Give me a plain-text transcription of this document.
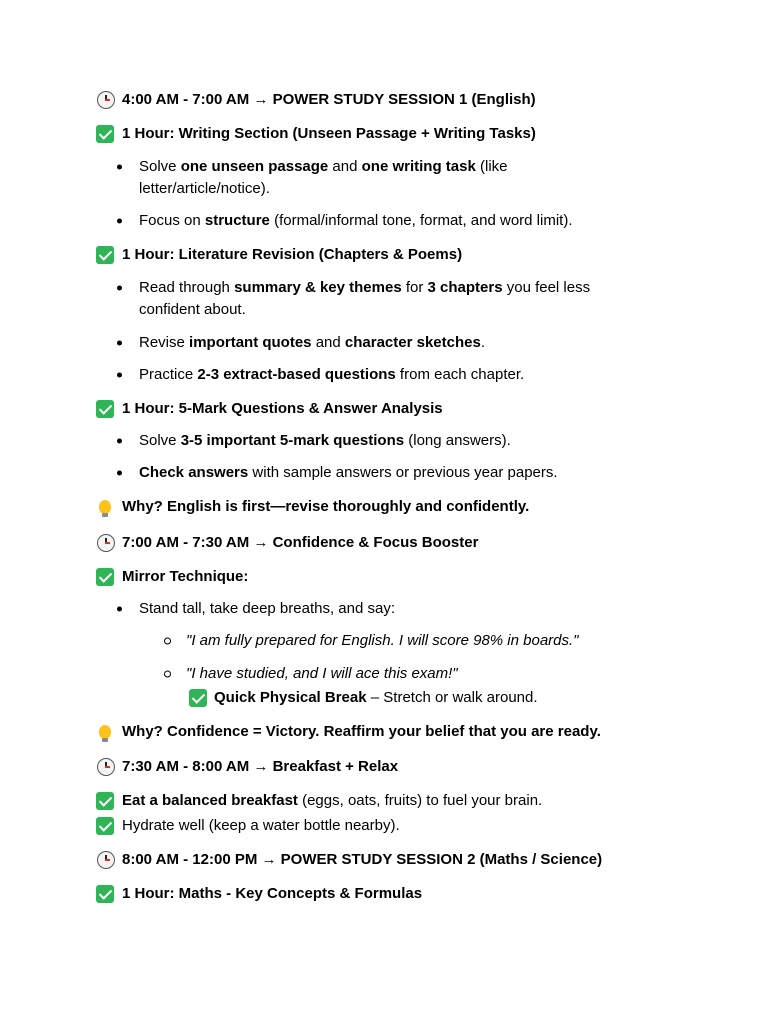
4:00 AM - 7:00 AM → POWER STUDY SESSION 1 (English)
1 Hour: Writing Section (Unseen Passage + Writing Tasks)
Solve one unseen passage and one writing task (like
letter/article/notice).
Focus on structure (formal/informal tone, format, and word limit).
1 Hour: Literature Revision (Chapters & Poems)
Read through summary & key themes for 3 chapters you feel less
confident about.
Revise important quotes and character sketches.
Practice 2-3 extract-based questions from each chapter.
1 Hour: 5-Mark Questions & Answer Analysis
Solve 3-5 important 5-mark questions (long answers).
Check answers with sample answers or previous year papers.
Why? English is first—revise thoroughly and confidently.
7:00 AM - 7:30 AM → Confidence & Focus Booster
Mirror Technique:
Stand tall, take deep breaths, and say:
"I am fully prepared for English. I will score 98% in boards."
"I have studied, and I will ace this exam!"
Quick Physical Break – Stretch or walk around.
Why? Confidence = Victory. Reaffirm your belief that you are ready.
7:30 AM - 8:00 AM → Breakfast + Relax
Eat a balanced breakfast (eggs, oats, fruits) to fuel your brain.
Hydrate well (keep a water bottle nearby).
8:00 AM - 12:00 PM → POWER STUDY SESSION 2 (Maths / Science)
1 Hour: Maths - Key Concepts & Formulas
